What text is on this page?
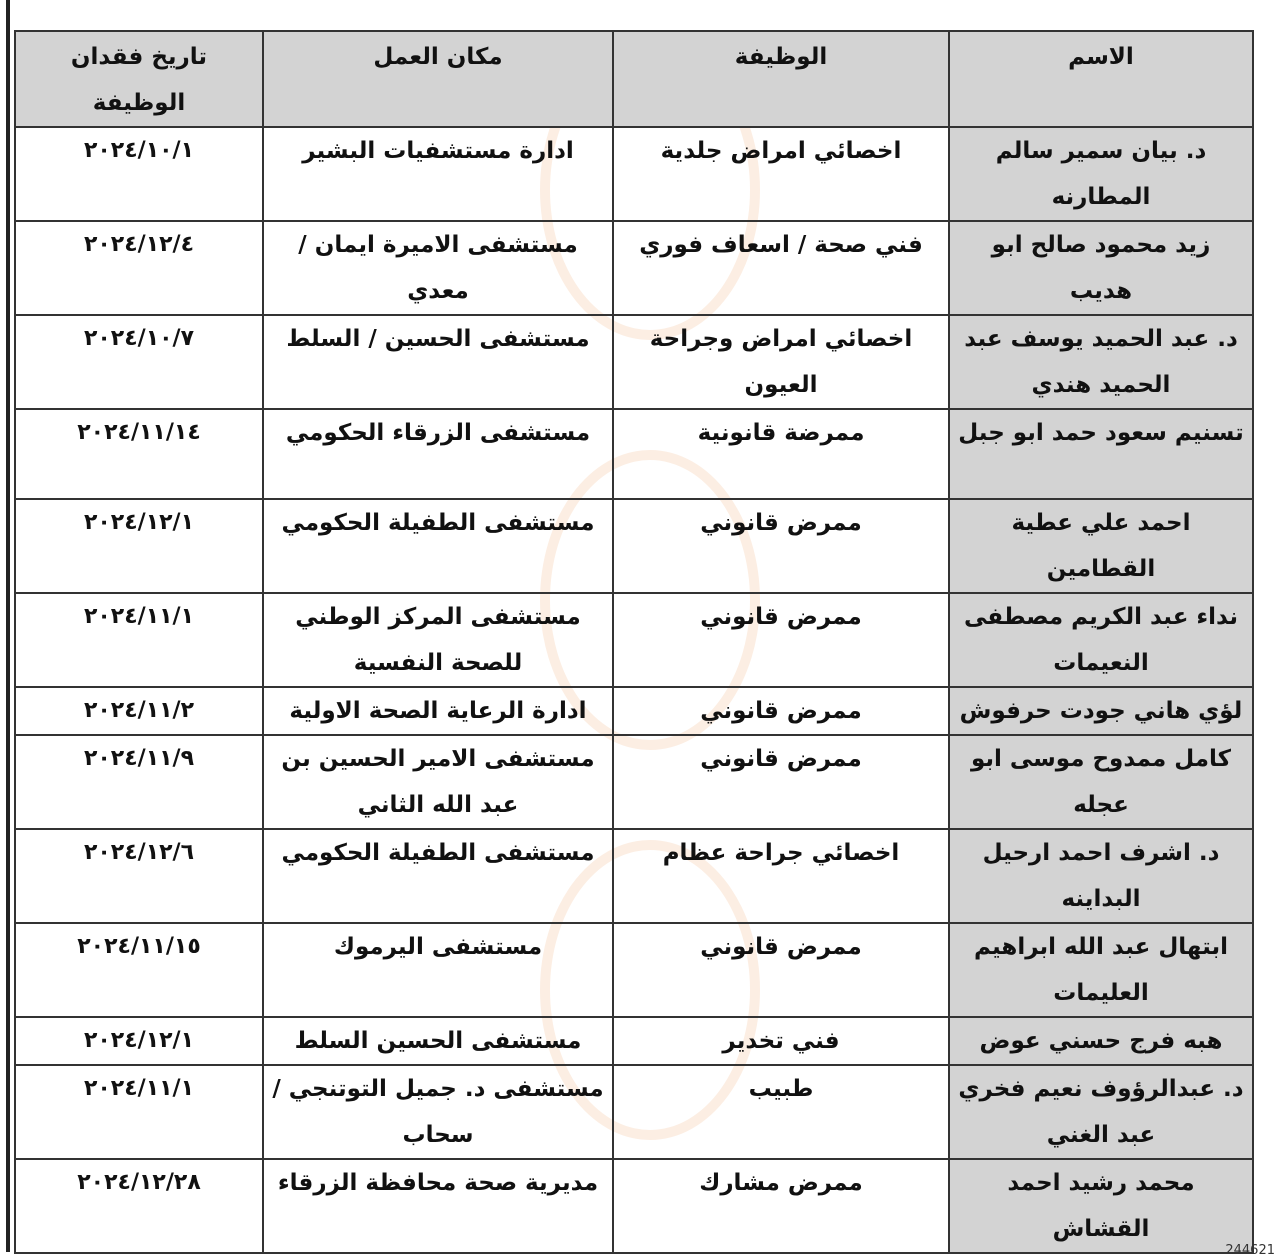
الاسم	الوظيفة	مكان العمل	تاريخ فقدان الوظيفة
د. بيان سمير سالم المطارنه	اخصائي امراض جلدية	ادارة مستشفيات البشير	٢٠٢٤/١٠/١
زيد محمود صالح ابو هديب	فني صحة / اسعاف فوري	مستشفى الاميرة ايمان / معدي	٢٠٢٤/١٢/٤
د. عبد الحميد يوسف عبد الحميد هندي	اخصائي امراض وجراحة العيون	مستشفى الحسين / السلط	٢٠٢٤/١٠/٧
تسنيم سعود حمد ابو جبل	ممرضة قانونية	مستشفى الزرقاء الحكومي	٢٠٢٤/١١/١٤
احمد علي عطية القطامين	ممرض قانوني	مستشفى الطفيلة الحكومي	٢٠٢٤/١٢/١
نداء عبد الكريم مصطفى النعيمات	ممرض قانوني	مستشفى المركز الوطني للصحة النفسية	٢٠٢٤/١١/١
لؤي هاني جودت حرفوش	ممرض قانوني	ادارة الرعاية الصحة الاولية	٢٠٢٤/١١/٢
كامل ممدوح موسى ابو عجله	ممرض قانوني	مستشفى الامير الحسين بن عبد الله الثاني	٢٠٢٤/١١/٩
د. اشرف احمد ارحيل البداينه	اخصائي جراحة عظام	مستشفى الطفيلة الحكومي	٢٠٢٤/١٢/٦
ابتهال عبد الله ابراهيم العليمات	ممرض قانوني	مستشفى اليرموك	٢٠٢٤/١١/١٥
هبه فرج حسني عوض	فني تخدير	مستشفى الحسين السلط	٢٠٢٤/١٢/١
د. عبدالرؤوف نعيم فخري عبد الغني	طبيب	مستشفى د. جميل التوتنجي / سحاب	٢٠٢٤/١١/١
محمد رشيد احمد القشاش	ممرض مشارك	مديرية صحة محافظة الزرقاء	٢٠٢٤/١٢/٢٨
244621
